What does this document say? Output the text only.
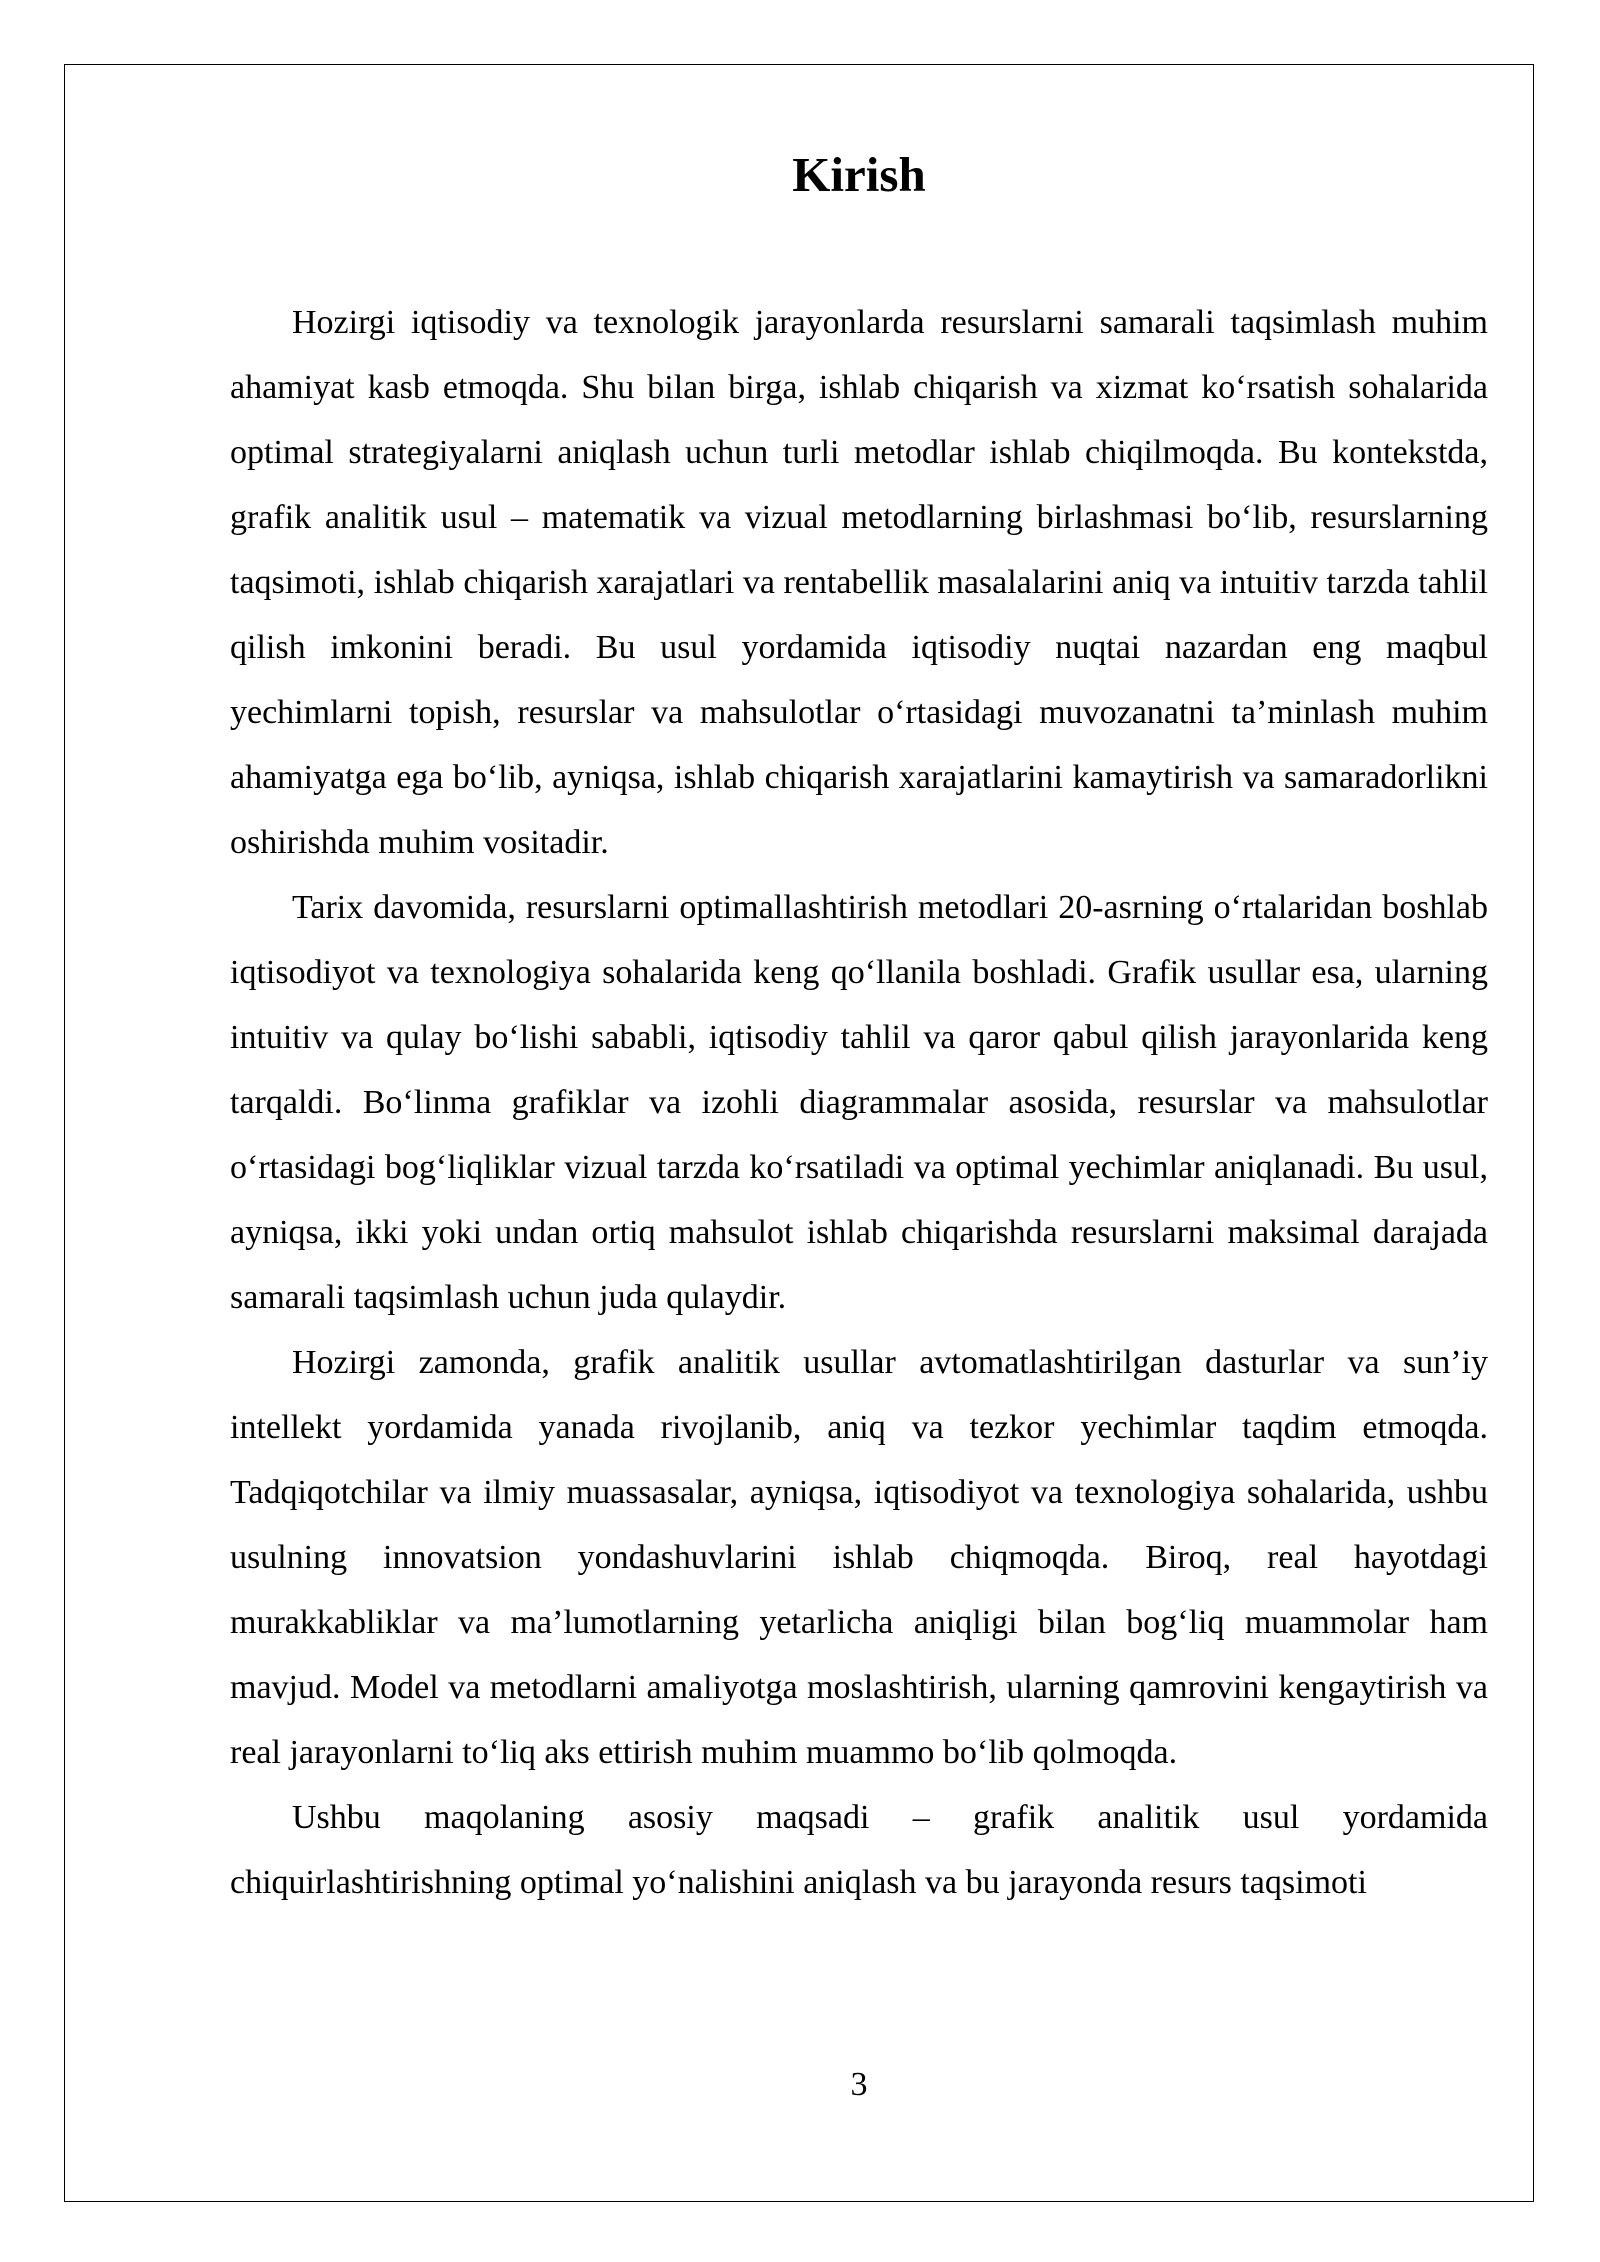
Kirish

Hozirgi iqtisodiy va texnologik jarayonlarda resurslarni samarali taqsimlash muhim ahamiyat kasb etmoqda. Shu bilan birga, ishlab chiqarish va xizmat koʻrsatish sohalarida optimal strategiyalarni aniqlash uchun turli metodlar ishlab chiqilmoqda. Bu kontekstda, grafik analitik usul – matematik va vizual metodlarning birlashmasi boʻlib, resurslarning taqsimoti, ishlab chiqarish xarajatlari va rentabellik masalalarini aniq va intuitiv tarzda tahlil qilish imkonini beradi. Bu usul yordamida iqtisodiy nuqtai nazardan eng maqbul yechimlarni topish, resurslar va mahsulotlar oʻrtasidagi muvozanatni ta’minlash muhim ahamiyatga ega boʻlib, ayniqsa, ishlab chiqarish xarajatlarini kamaytirish va samaradorlikni oshirishda muhim vositadir.

Tarix davomida, resurslarni optimallashtirish metodlari 20-asrning oʻrtalaridan boshlab iqtisodiyot va texnologiya sohalarida keng qoʻllanila boshladi. Grafik usullar esa, ularning intuitiv va qulay boʻlishi sababli, iqtisodiy tahlil va qaror qabul qilish jarayonlarida keng tarqaldi. Boʻlinma grafiklar va izohli diagrammalar asosida, resurslar va mahsulotlar oʻrtasidagi bogʻliqliklar vizual tarzda koʻrsatiladi va optimal yechimlar aniqlanadi. Bu usul, ayniqsa, ikki yoki undan ortiq mahsulot ishlab chiqarishda resurslarni maksimal darajada samarali taqsimlash uchun juda qulaydir.

Hozirgi zamonda, grafik analitik usullar avtomatlashtirilgan dasturlar va sun’iy intellekt yordamida yanada rivojlanib, aniq va tezkor yechimlar taqdim etmoqda. Tadqiqotchilar va ilmiy muassasalar, ayniqsa, iqtisodiyot va texnologiya sohalarida, ushbu usulning innovatsion yondashuvlarini ishlab chiqmoqda. Biroq, real hayotdagi murakkabliklar va ma’lumotlarning yetarlicha aniqligi bilan bogʻliq muammolar ham mavjud. Model va metodlarni amaliyotga moslashtirish, ularning qamrovini kengaytirish va real jarayonlarni toʻliq aks ettirish muhim muammo boʻlib qolmoqda.

Ushbu maqolaning asosiy maqsadi – grafik analitik usul yordamida chiquirlashtirishning optimal yoʻnalishini aniqlash va bu jarayonda resurs taqsimoti

3
